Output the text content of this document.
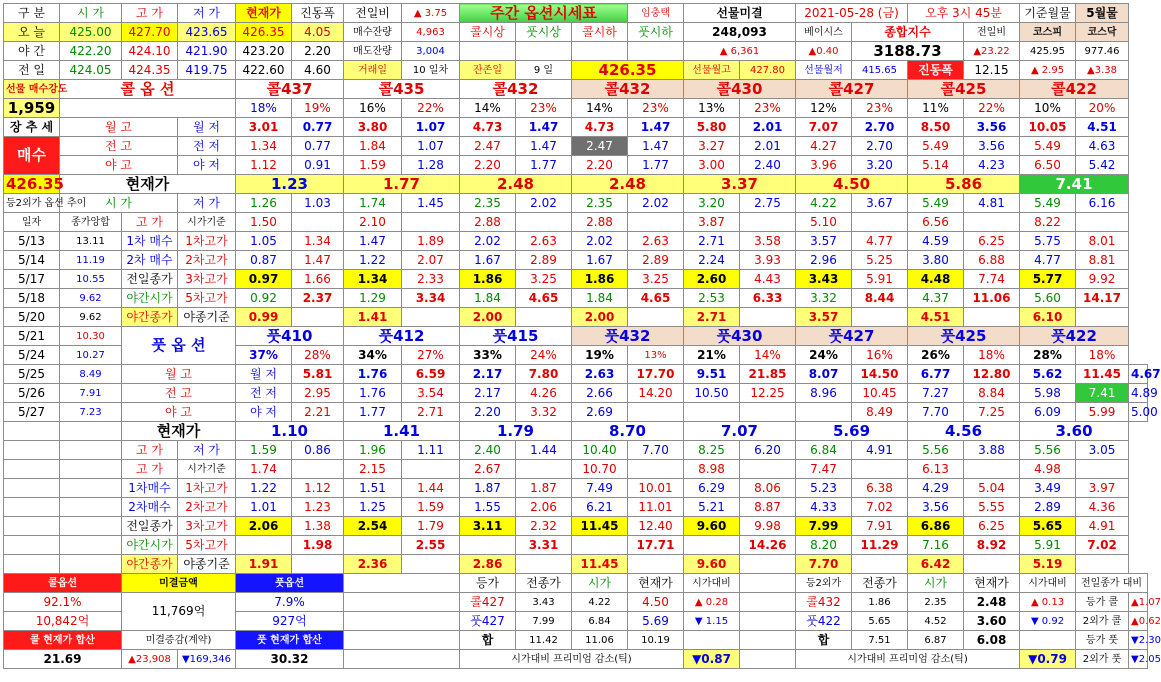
구 분	시 가	고 가	저 가	현재가	진동폭	전일비	▲ 3.75	주간 옵션시세표			임충택	선물미결		2021-05-28 (금)		오후 3시 45분		기준월물	5월물	
오 늘	425.00	427.70	423.65	426.35	4.05	매수잔량	4,963	콜시상	풋시상	콜시하	풋시하	248,093		베이시스	종합지수		전일비	코스피	코스닥	
야 간	422.20	424.10	421.90	423.20	2.20	매도잔량	3,004					▲ 6,361		▲0.40	3188.73		▲23.22	425.95	977.46	
전 일	424.05	424.35	419.75	422.60	4.60	거래일	10 일차	잔존일	9 일	426.35		선물월고	427.80	선물월저	415.65	진동폭	12.15	▲ 2.95	▲3.38	
선물 매수강도	콜 옵 션			콜437		콜435		콜432		콜432		콜430		콜427		콜425		콜422		
1,959				18%	19%	16%	22%	14%	23%	14%	23%	13%	23%	12%	23%	11%	22%	10%	20%	
장 추 세	월 고		월 저	3.01	0.77	3.80	1.07	4.73	1.47	4.73	1.47	5.80	2.01	7.07	2.70	8.50	3.56	10.05	4.51	
매수	전 고		전 저	1.34	0.77	1.84	1.07	2.47	1.47	2.47	1.47	3.27	2.01	4.27	2.70	5.49	3.56	5.49	4.63	
	야 고		야 저	1.12	0.91	1.59	1.28	2.20	1.77	2.20	1.77	3.00	2.40	3.96	3.20	5.14	4.23	6.50	5.42	
426.35	현재가			1.23		1.77		2.48		2.48		3.37		4.50		5.86		7.41		
등2외가 옵션 추이	시 가		저 가	1.26	1.03	1.74	1.45	2.35	2.02	2.35	2.02	3.20	2.75	4.22	3.67	5.49	4.81	5.49	6.16	
일자	종가앙합	고 가	시가기준	1.50		2.10		2.88		2.88		3.87		5.10		6.56		8.22		
5/13	13.11	1차 매수	1차고가	1.05	1.34	1.47	1.89	2.02	2.63	2.02	2.63	2.71	3.58	3.57	4.77	4.59	6.25	5.75	8.01	
5/14	11.19	2차 매수	2차고가	0.87	1.47	1.22	2.07	1.67	2.89	1.67	2.89	2.24	3.93	2.96	5.25	3.80	6.88	4.77	8.81	
5/17	10.55	전일종가	3차고가	0.97	1.66	1.34	2.33	1.86	3.25	1.86	3.25	2.60	4.43	3.43	5.91	4.48	7.74	5.77	9.92	
5/18	9.62	야간시가	5차고가	0.92	2.37	1.29	3.34	1.84	4.65	1.84	4.65	2.53	6.33	3.32	8.44	4.37	11.06	5.60	14.17	
5/20	9.62	야간종가	야종기준	0.99		1.41		2.00		2.00		2.71		3.57		4.51		6.10		
5/21	10.30	풋 옵 션		풋410		풋412		풋415		풋432		풋430		풋427		풋425		풋422		
5/24	10.27			37%	28%	34%	27%	33%	24%	19%	13%	21%	14%	24%	16%	26%	18%	28%	18%	
5/25	8.49	월 고		월 저	5.81	1.76	6.59	2.17	7.80	2.63	17.70	9.51	21.85	8.07	14.50	6.77	12.80	5.62	11.45	4.67
5/26	7.91	전 고		전 저	2.95	1.76	3.54	2.17	4.26	2.66	14.20	10.50	12.25	8.96	10.45	7.27	8.84	5.98	7.41	4.89
5/27	7.23	야 고		야 저	2.21	1.77	2.71	2.20	3.32	2.69					8.49	7.70	7.25	6.09	5.99	5.00
		현재가		1.10		1.41		1.79		8.70		7.07		5.69		4.56		3.60		
		고 가	저 가	1.59	0.86	1.96	1.11	2.40	1.44	10.40	7.70	8.25	6.20	6.84	4.91	5.56	3.88	5.56	3.05	
		고 가	시가기준	1.74		2.15		2.67		10.70		8.98		7.47		6.13		4.98		
		1차매수	1차고가	1.22	1.12	1.51	1.44	1.87	1.87	7.49	10.01	6.29	8.06	5.23	6.38	4.29	5.04	3.49	3.97	
		2차매수	2차고가	1.01	1.23	1.25	1.59	1.55	2.06	6.21	11.01	5.21	8.87	4.33	7.02	3.56	5.55	2.89	4.36	
		전일종가	3차고가	2.06	1.38	2.54	1.79	3.11	2.32	11.45	12.40	9.60	9.98	7.99	7.91	6.86	6.25	5.65	4.91	
		야간시가	5차고가		1.98		2.55		3.31		17.71		14.26	8.20	11.29	7.16	8.92	5.91	7.02	
		야간종가	야종기준	1.91		2.36		2.86		11.45		9.60		7.70		6.42		5.19		
콜옵션		미결금액		풋옵션				등가	전종가	시가	현재가	시가대비		등2외가	전종가	시가	현재가	시가대비	전일종가 대비	
92.1%		11,769억		7.9%				콜427	3.43	4.22	4.50	▲ 0.28		콜432	1.86	2.35	2.48	▲ 0.13	등가 콜	▲1.07
10,842억				927억				풋427	7.99	6.84	5.69	▼ 1.15		풋422	5.65	4.52	3.60	▼ 0.92	2외가 콜	▲0.62
콜 현재가 합산		미결증감(계약)		풋 현재가 합산				합	11.42	11.06	10.19			합	7.51	6.87	6.08		등가 풋	▼2.30
21.69		▲23,908	▼169,346	30.32				시가대비 프리미엄 감소(틱)				▼0.87		시가대비 프리미엄 감소(틱)				▼0.79	2외가 풋	▼2.05
